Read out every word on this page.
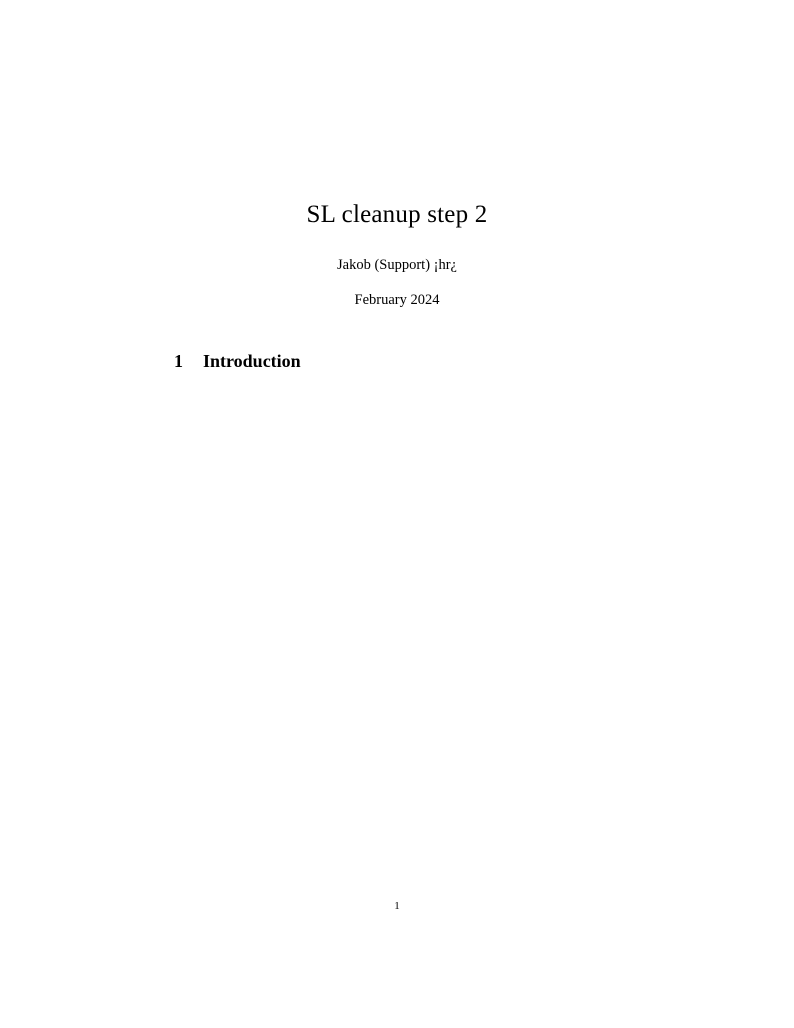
SL cleanup step 2
Jakob (Support) ¡hr¿
February 2024
1	Introduction
1
